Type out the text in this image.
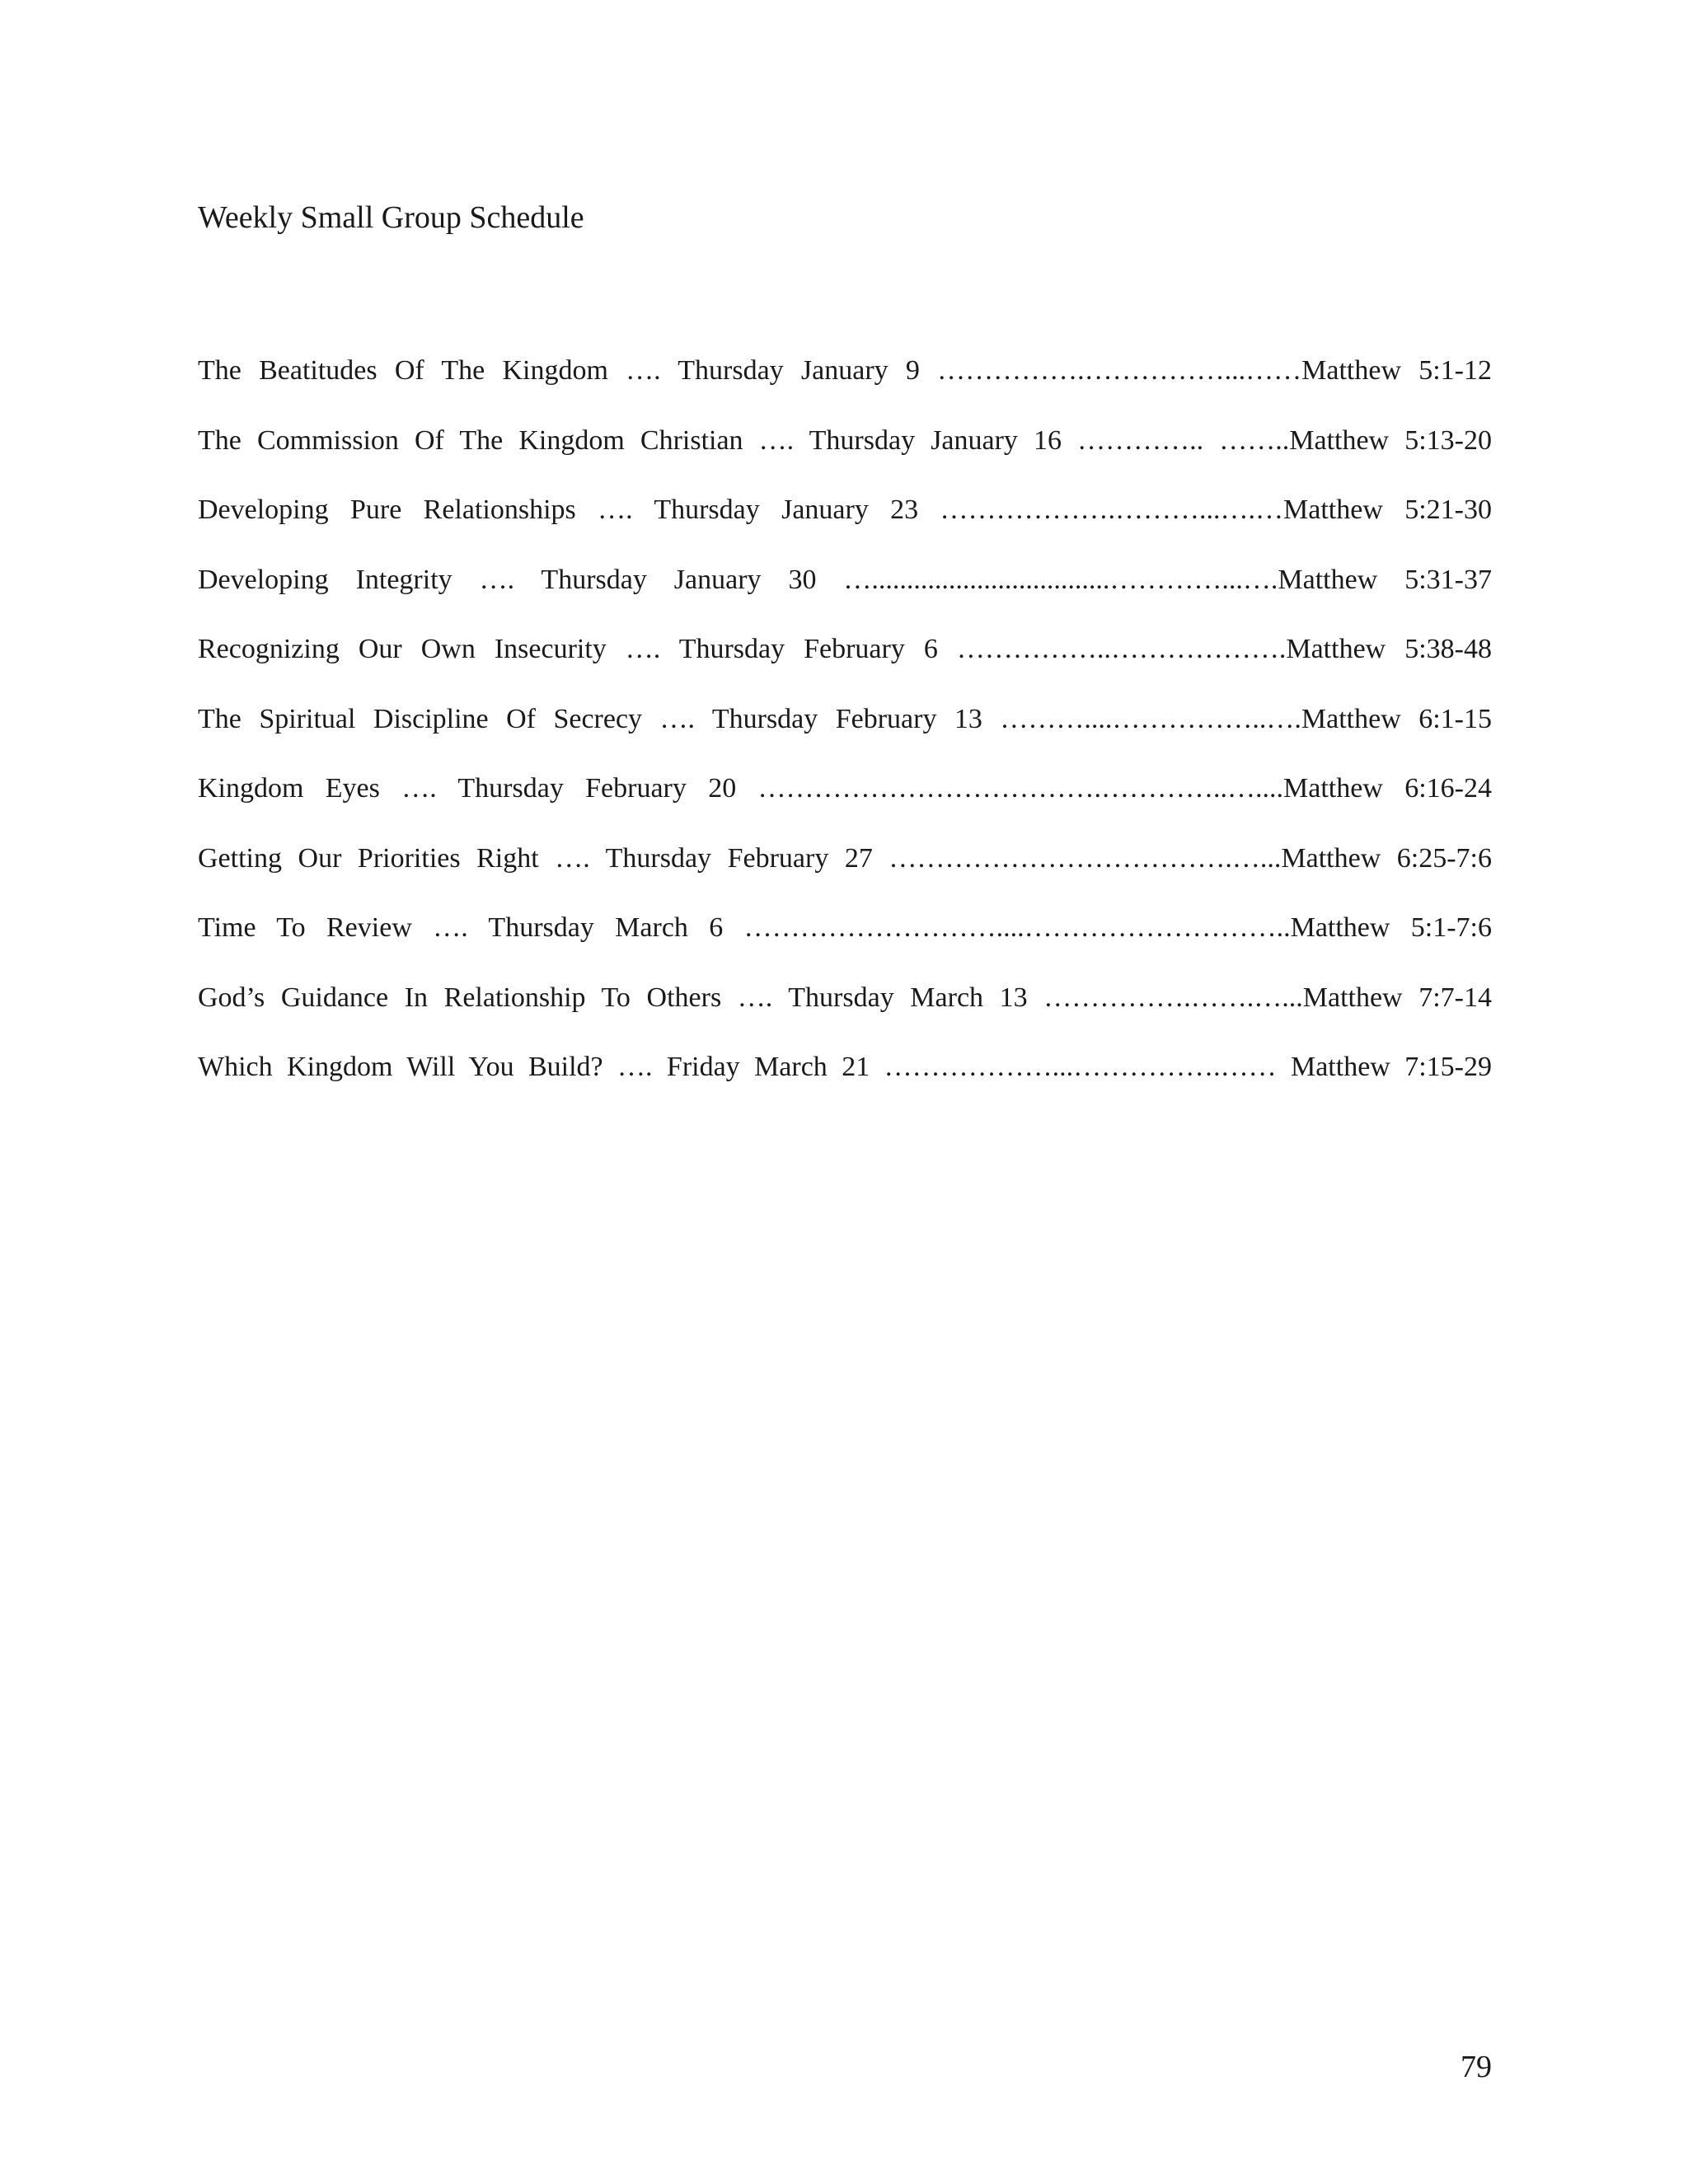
Weekly Small Group Schedule
The Beatitudes Of The Kingdom …. Thursday January 9 …………….……………...……Matthew 5:1-12
The Commission Of The Kingdom Christian …. Thursday January 16 ………….. ……..Matthew 5:13-20
Developing Pure Relationships …. Thursday January 23 ……………….………...….…Matthew 5:21-30
Developing Integrity …. Thursday January 30 …..................................…………...….Matthew 5:31-37
Recognizing Our Own Insecurity …. Thursday February 6 ……………..……………….Matthew 5:38-48
The Spiritual Discipline Of Secrecy …. Thursday February 13 ………....……………..….Matthew 6:1-15
Kingdom Eyes …. Thursday February 20 ……………………………….…………..…....Matthew 6:16-24
Getting Our Priorities Right …. Thursday February 27 ……………………………….…...Matthew 6:25-7:6
Time To Review …. Thursday March 6 ………………………....………………………..Matthew 5:1-7:6
God’s Guidance In Relationship To Others …. Thursday March 13 …………….…….…...Matthew 7:7-14
Which Kingdom Will You Build? …. Friday March 21 ………………...…………….…… Matthew 7:15-29
79
